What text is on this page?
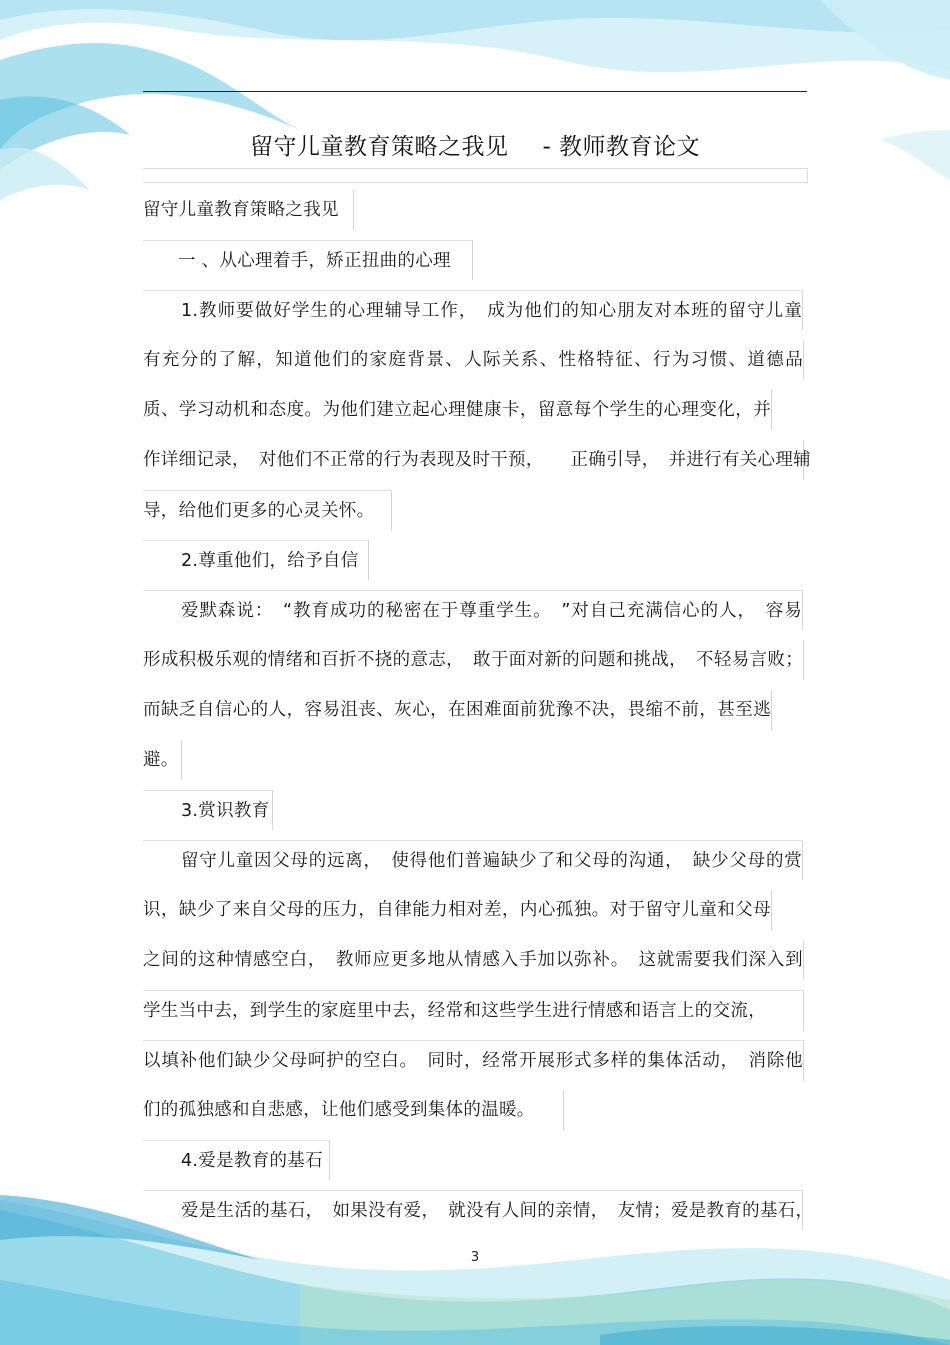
留守儿童教育策略之我见 - 教师教育论文
留守儿童教育策略之我见
一 、从心理着手，矫正扭曲的心理
1.教师要做好学生的心理辅导工作，　成为他们的知心朋友对本班的留守儿童
有充分的了解，知道他们的家庭背景、人际关系、性格特征、行为习惯、道德品
质、学习动机和态度。为他们建立起心理健康卡，留意每个学生的心理变化，并
作详细记录，　对他们不正常的行为表现及时干预，　　正确引导，　并进行有关心理辅
导，给他们更多的心灵关怀。
2.尊重他们，给予自信
爱默森说：　“教育成功的秘密在于尊重学生。　”对自己充满信心的人，　容易
形成积极乐观的情绪和百折不挠的意志，　敢于面对新的问题和挑战，　不轻易言败；
而缺乏自信心的人，容易沮丧、灰心，在困难面前犹豫不决，畏缩不前，甚至逃
避。
3.赏识教育
留守儿童因父母的远离，　使得他们普遍缺少了和父母的沟通，　缺少父母的赏
识，缺少了来自父母的压力，自律能力相对差，内心孤独。对于留守儿童和父母
之间的这种情感空白，　教师应更多地从情感入手加以弥补。　这就需要我们深入到
学生当中去，到学生的家庭里中去，经常和这些学生进行情感和语言上的交流，
以填补他们缺少父母呵护的空白。　同时，经常开展形式多样的集体活动，　消除他
们的孤独感和自悲感，让他们感受到集体的温暖。
4.爱是教育的基石
爱是生活的基石，　如果没有爱，　就没有人间的亲情，　友情；爱是教育的基石，
3
